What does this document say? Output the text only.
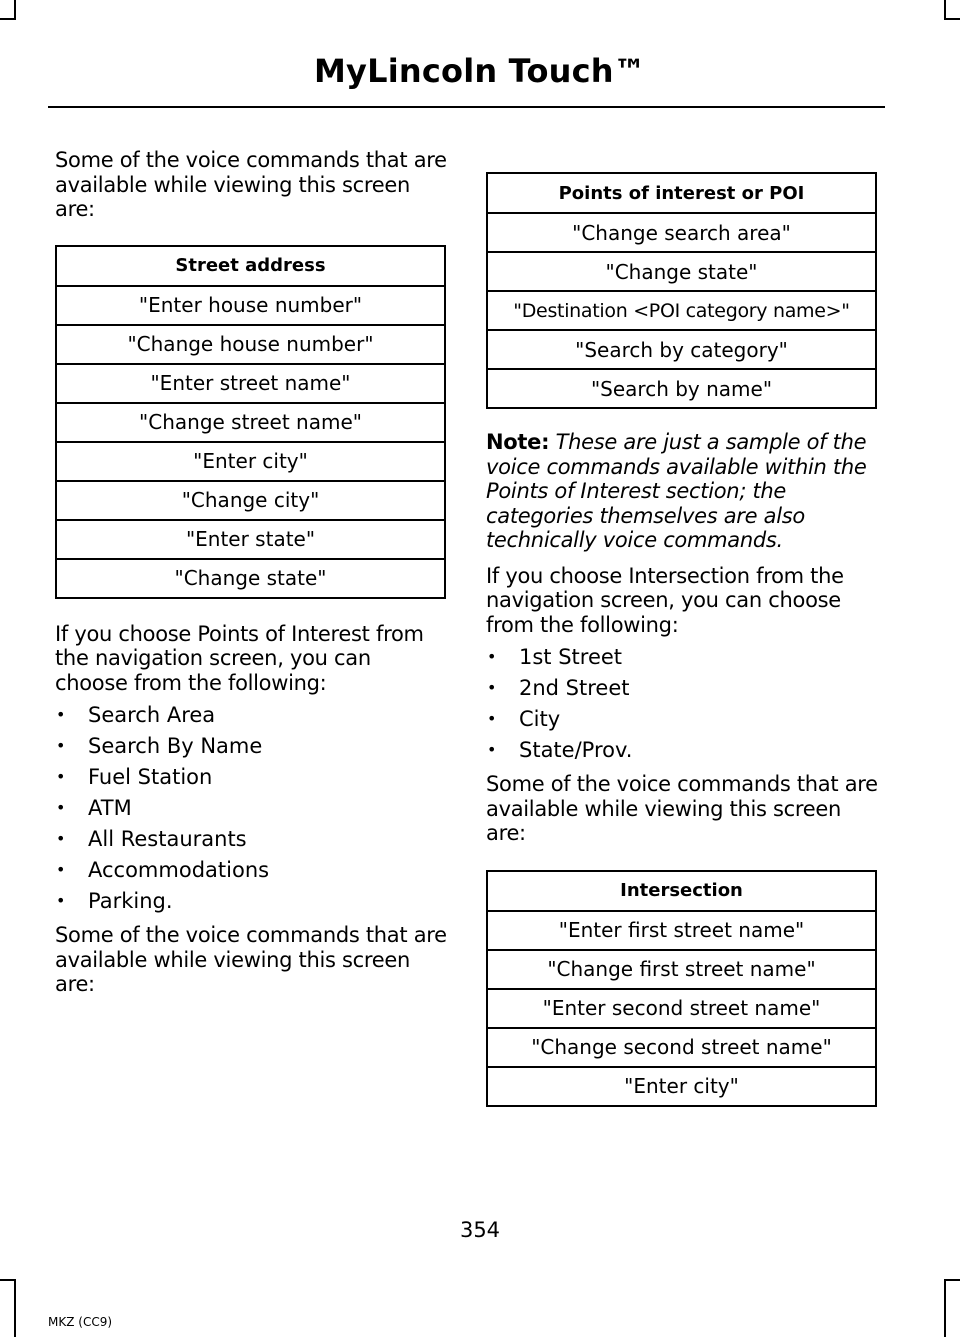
MyLincoln Touch™

Some of the voice commands that are available while viewing this screen are:

Street address
"Enter house number"
"Change house number"
"Enter street name"
"Change street name"
"Enter city"
"Change city"
"Enter state"
"Change state"

If you choose Points of Interest from the navigation screen, you can choose from the following:

• Search Area
• Search By Name
• Fuel Station
• ATM
• All Restaurants
• Accommodations
• Parking.

Some of the voice commands that are available while viewing this screen are:

Points of interest or POI
"Change search area"
"Change state"
"Destination <POI category name>"
"Search by category"
"Search by name"

Note: These are just a sample of the voice commands available within the Points of Interest section; the categories themselves are also technically voice commands.

If you choose Intersection from the navigation screen, you can choose from the following:

• 1st Street
• 2nd Street
• City
• State/Prov.

Some of the voice commands that are available while viewing this screen are:

Intersection
"Enter first street name"
"Change first street name"
"Enter second street name"
"Change second street name"
"Enter city"
354
MKZ (CC9)
